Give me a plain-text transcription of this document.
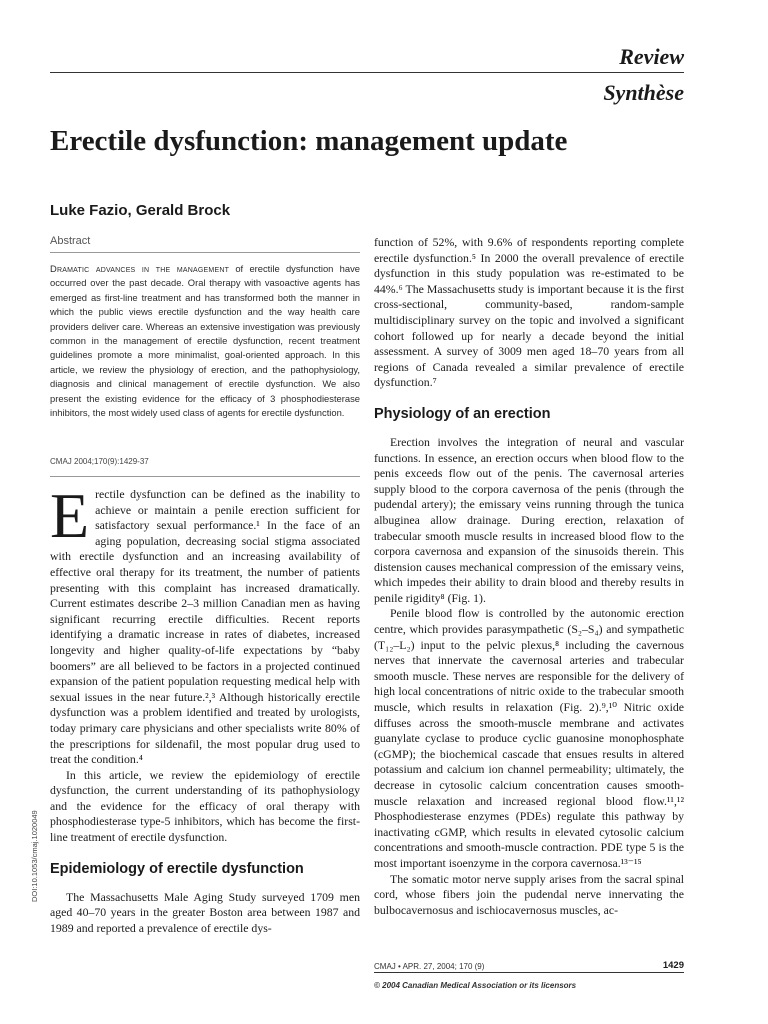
Review
Synthèse
Erectile dysfunction: management update
Luke Fazio, Gerald Brock
Abstract
Dramatic advances in the management of erectile dysfunction have occurred over the past decade. Oral therapy with vasoactive agents has emerged as first-line treatment and has transformed both the manner in which the public views erectile dysfunction and the way health care providers deliver care. Whereas an extensive investigation was previously common in the management of erectile dysfunction, recent treatment guidelines promote a more minimalist, goal-oriented approach. In this article, we review the physiology of erection, and the pathophysiology, diagnosis and clinical management of erectile dysfunction. We also present the existing evidence for the efficacy of 3 phosphodiesterase inhibitors, the most widely used class of agents for erectile dysfunction.
CMAJ 2004;170(9):1429-37

Erectile dysfunction can be defined as the inability to achieve or maintain a penile erection sufficient for satisfactory sexual performance.¹ In the face of an aging population, decreasing social stigma associated with erectile dysfunction and an increasing availability of effective oral therapy for its treatment, the number of patients presenting with this complaint has increased dramatically. Current estimates describe 2–3 million Canadian men as having significant recurring erectile difficulties. Recent reports identifying a dramatic increase in rates of diabetes, increased longevity and higher quality-of-life expectations by “baby boomers” are all believed to be factors in a projected continued expansion of the patient population requesting medical help with sexual issues in the near future.²,³ Although historically erectile dysfunction was a problem identified and treated by urologists, today primary care physicians and other specialists write 80% of the prescriptions for sildenafil, the most popular drug used to treat the condition.⁴

In this article, we review the epidemiology of erectile dysfunction, the current understanding of its pathophysiology and the evidence for the efficacy of oral therapy with phosphodiesterase type-5 inhibitors, which has become the first-line treatment of erectile dysfunction.

Epidemiology of erectile dysfunction

The Massachusetts Male Aging Study surveyed 1709 men aged 40–70 years in the greater Boston area between 1987 and 1989 and reported a prevalence of erectile dys-

function of 52%, with 9.6% of respondents reporting complete erectile dysfunction.⁵ In 2000 the overall prevalence of erectile dysfunction in this study population was re-estimated to be 44%.⁶ The Massachusetts study is important because it is the first cross-sectional, community-based, random-sample multidisciplinary survey on the topic and involved a significant cohort followed up for nearly a decade beyond the initial assessment. A survey of 3009 men aged 18–70 years from all regions of Canada revealed a similar prevalence of erectile dysfunction.⁷

Physiology of an erection

Erection involves the integration of neural and vascular functions. In essence, an erection occurs when blood flow to the penis exceeds flow out of the penis. The cavernosal arteries supply blood to the corpora cavernosa of the penis (through the pudendal artery); the emissary veins running through the tunica albuginea allow drainage. During erection, relaxation of trabecular smooth muscle results in increased blood flow to the corpora cavernosa and expansion of the sinusoids therein. This distension causes mechanical compression of the emissary veins, which impedes their ability to drain blood and thereby results in penile rigidity⁸ (Fig. 1).

Penile blood flow is controlled by the autonomic erection centre, which provides parasympathetic (S₂–S₄) and sympathetic (T₁₂–L₂) input to the pelvic plexus,⁸ including the cavernous nerves that innervate the cavernosal arteries and trabecular smooth muscle. These nerves are responsible for the delivery of high local concentrations of nitric oxide to the trabecular smooth muscle, which results in relaxation (Fig. 2).⁹,¹⁰ Nitric oxide diffuses across the smooth-muscle membrane and activates guanylate cyclase to produce cyclic guanosine monophosphate (cGMP); the biochemical cascade that ensues results in altered potassium and calcium ion channel permeability; ultimately, the decrease in cytosolic calcium concentration causes smooth-muscle relaxation and increased regional blood flow.¹¹,¹² Phosphodiesterase enzymes (PDEs) regulate this pathway by inactivating cGMP, which results in elevated cytosolic calcium concentrations and smooth-muscle contraction. PDE type 5 is the most important isoenzyme in the corpora cavernosa.¹³⁻¹⁵

The somatic motor nerve supply arises from the sacral spinal cord, whose fibers join the pudendal nerve innervating the bulbocavernosus and ischiocavernosus muscles, ac-

DOI:10.1053/cmaj.1020049
CMAJ • APR. 27, 2004; 170 (9)	1429
© 2004 Canadian Medical Association or its licensors
